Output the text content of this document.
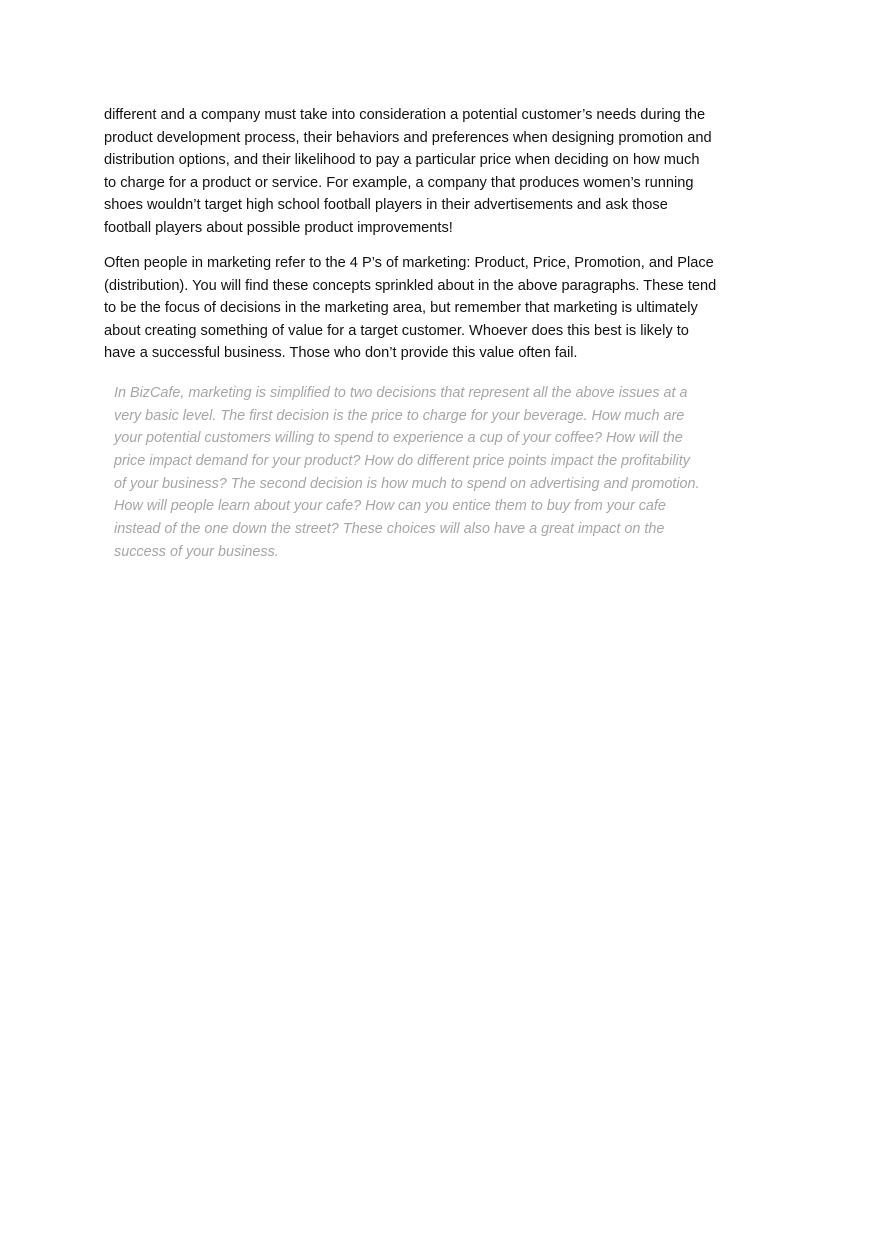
different and a company must take into consideration a potential customer’s needs during the
product development process, their behaviors and preferences when designing promotion and
distribution options, and their likelihood to pay a particular price when deciding on how much
to charge for a product or service. For example, a company that produces women’s running
shoes wouldn’t target high school football players in their advertisements and ask those
football players about possible product improvements!
Often people in marketing refer to the 4 P’s of marketing: Product, Price, Promotion, and Place
(distribution). You will find these concepts sprinkled about in the above paragraphs. These tend
to be the focus of decisions in the marketing area, but remember that marketing is ultimately
about creating something of value for a target customer. Whoever does this best is likely to
have a successful business. Those who don’t provide this value often fail.
In BizCafe, marketing is simplified to two decisions that represent all the above issues at a
very basic level. The first decision is the price to charge for your beverage. How much are
your potential customers willing to spend to experience a cup of your coffee? How will the
price impact demand for your product? How do different price points impact the profitability
of your business? The second decision is how much to spend on advertising and promotion.
How will people learn about your cafe? How can you entice them to buy from your cafe
instead of the one down the street? These choices will also have a great impact on the
success of your business.
